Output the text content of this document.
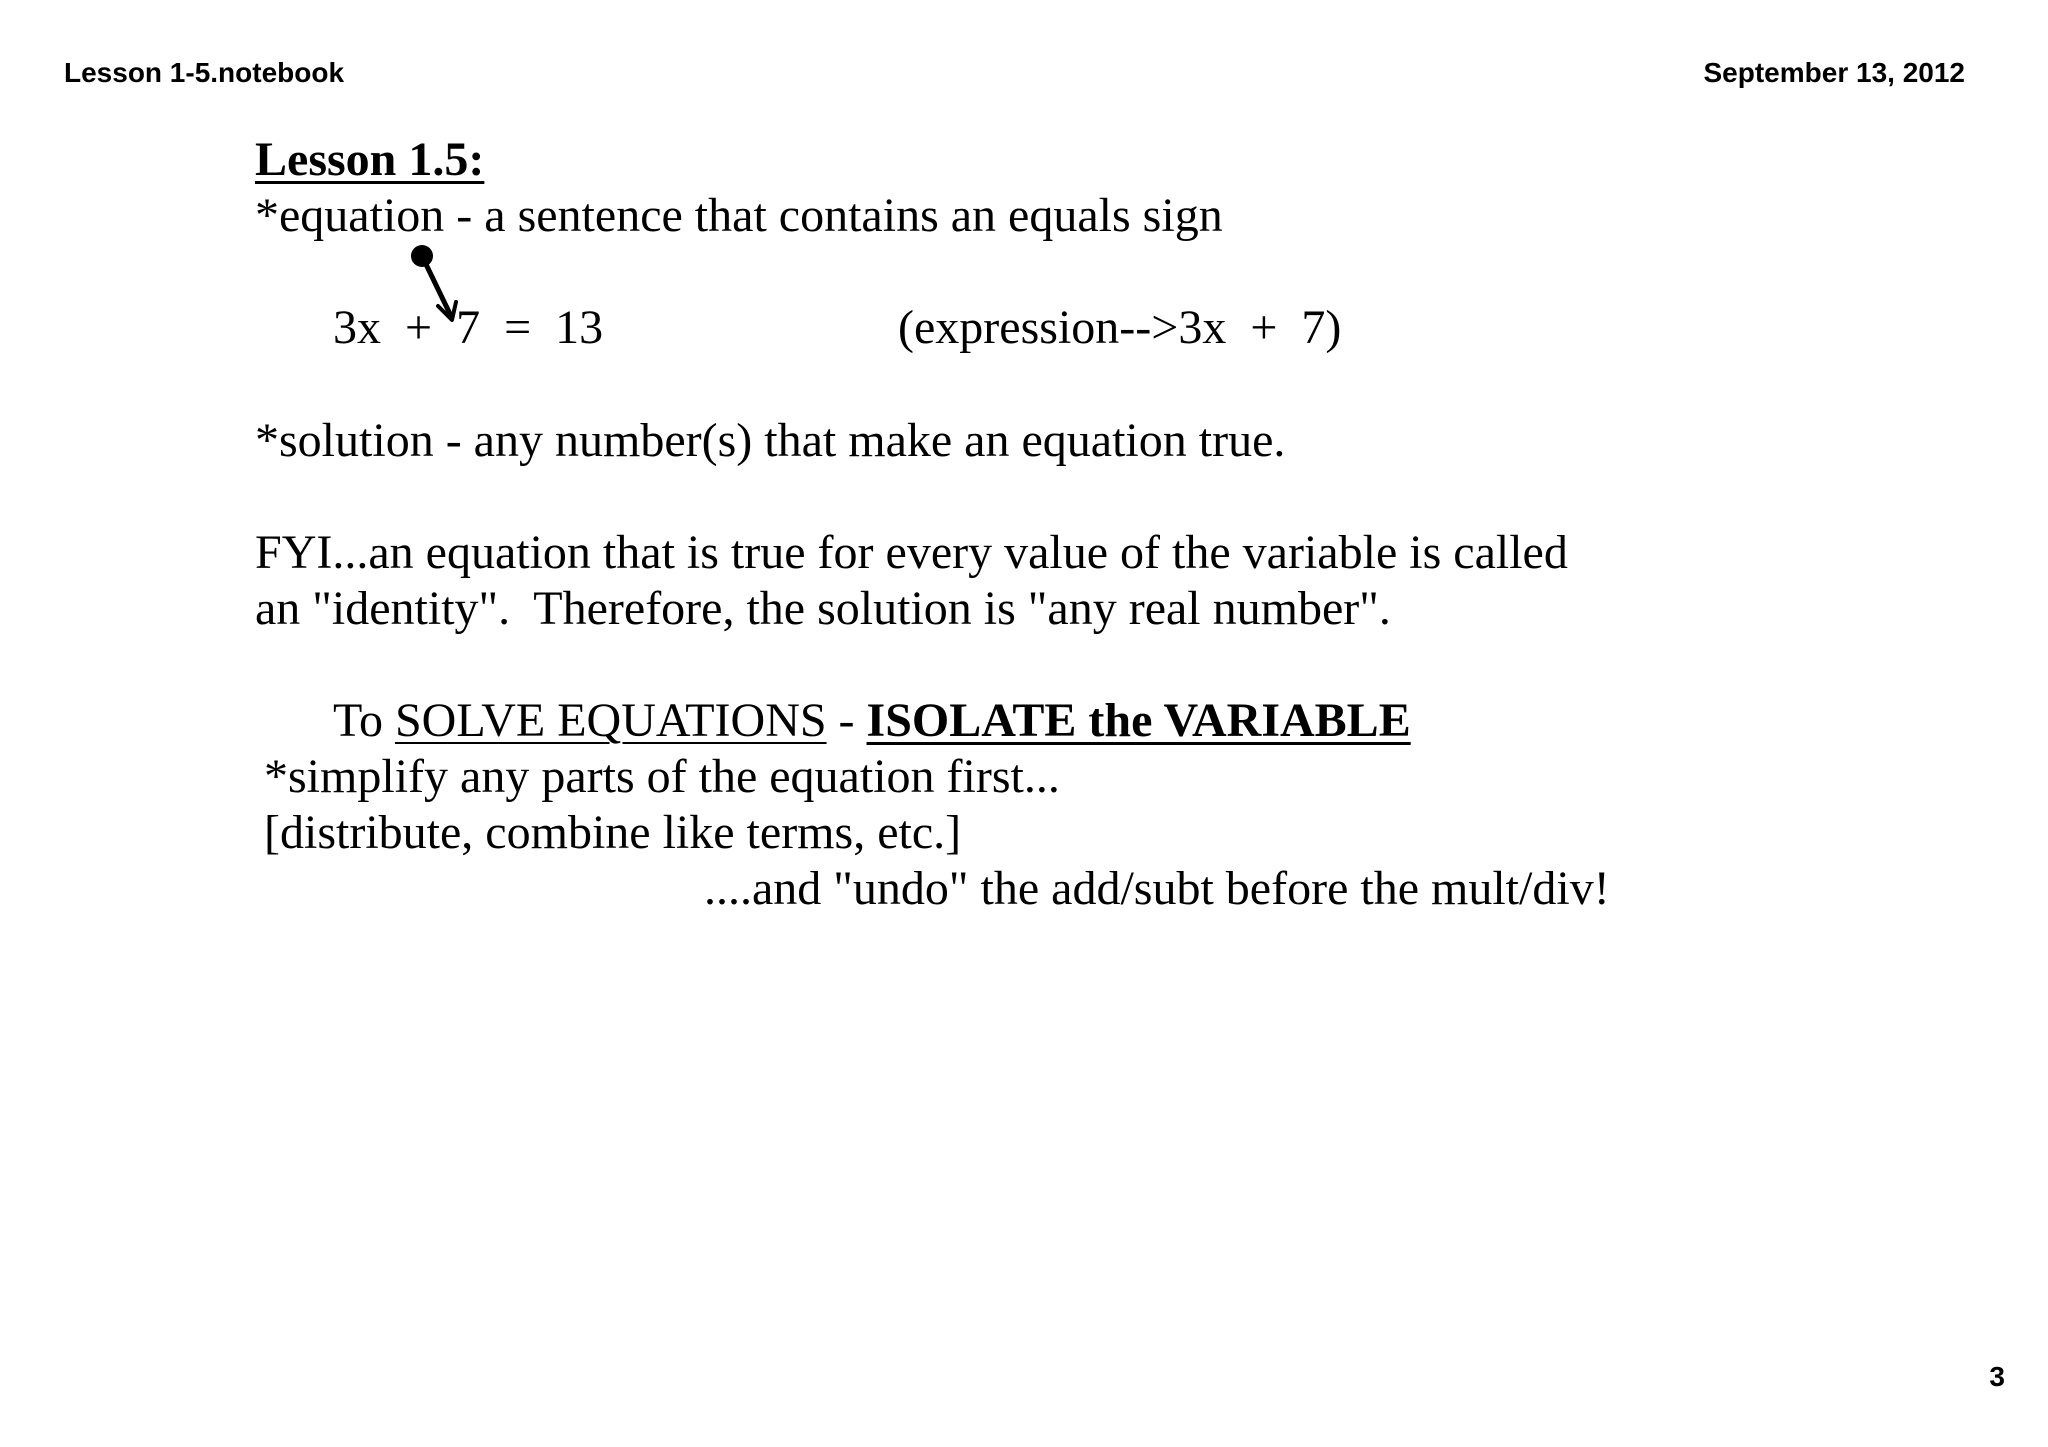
Lesson 1-5.notebook	September 13, 2012
Lesson 1.5:
*equation - a sentence that contains an equals sign
3x  +  7  =  13	(expression-->3x  +  7)
*solution - any number(s) that make an equation true.
FYI...an equation that is true for every value of the variable is called
an "identity".  Therefore, the solution is "any real number".
To SOLVE EQUATIONS - ISOLATE the VARIABLE
*simplify any parts of the equation first...
[distribute, combine like terms, etc.]
....and "undo" the add/subt before the mult/div!
3
